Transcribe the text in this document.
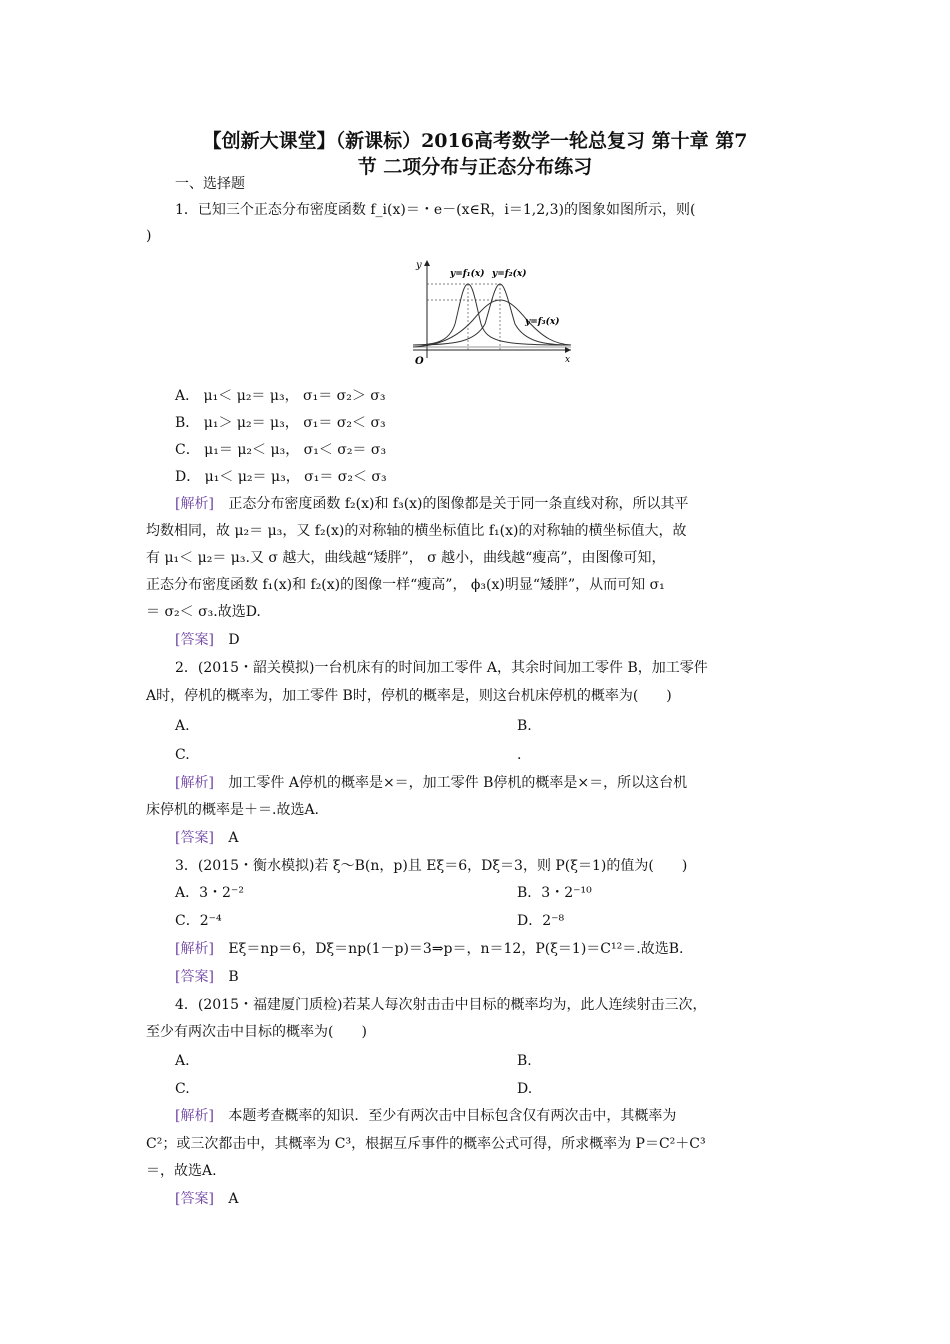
【创新大课堂】（新课标）2016高考数学一轮总复习 第十章 第7
节 二项分布与正态分布练习
一、选择题
1．已知三个正态分布密度函数 f_i(x)＝・e－(x∈R，i＝1,2,3)的图象如图所示，则(
)
y
O	x
y=f₁(x) y=f₂(x)
y=f₃(x)
A． μ₁＜ μ₂＝ μ₃， σ₁＝ σ₂＞ σ₃
B． μ₁＞ μ₂＝ μ₃， σ₁＝ σ₂＜ σ₃
C． μ₁＝ μ₂＜ μ₃， σ₁＜ σ₂＝ σ₃
D． μ₁＜ μ₂＝ μ₃， σ₁＝ σ₂＜ σ₃
[解析] 正态分布密度函数 f₂(x)和 f₃(x)的图像都是关于同一条直线对称，所以其平
均数相同，故 μ₂＝ μ₃，又 f₂(x)的对称轴的横坐标值比 f₁(x)的对称轴的横坐标值大，故
有 μ₁＜ μ₂＝ μ₃.又 σ 越大，曲线越“矮胖”， σ 越小，曲线越“瘦高”，由图像可知，
正态分布密度函数 f₁(x)和 f₂(x)的图像一样“瘦高”， ϕ₃(x)明显“矮胖”，从而可知 σ₁
＝ σ₂＜ σ₃.故选D.
[答案] D
2．(2015・韶关模拟)一台机床有的时间加工零件 A，其余时间加工零件 B，加工零件
A时，停机的概率为，加工零件 B时，停机的概率是，则这台机床停机的概率为(　　)
A.	B.
C.	.
[解析] 加工零件 A停机的概率是×＝，加工零件 B停机的概率是×＝，所以这台机
床停机的概率是＋＝.故选A.
[答案] A
3．(2015・衡水模拟)若 ξ～B(n，p)且 Eξ＝6，Dξ＝3，则 P(ξ＝1)的值为(　　)
A．3・2⁻²	B．3・2⁻¹⁰
C．2⁻⁴	D．2⁻⁸
[解析] Eξ＝np＝6，Dξ＝np(1－p)＝3⇒p＝，n＝12，P(ξ＝1)＝C¹²＝.故选B.
[答案] B
4．(2015・福建厦门质检)若某人每次射击击中目标的概率均为，此人连续射击三次，
至少有两次击中目标的概率为(　　)
A.	B.
C.	D.
[解析] 本题考查概率的知识．至少有两次击中目标包含仅有两次击中，其概率为
C²；或三次都击中，其概率为 C³，根据互斥事件的概率公式可得，所求概率为 P＝C²＋C³
＝，故选A.
[答案] A
